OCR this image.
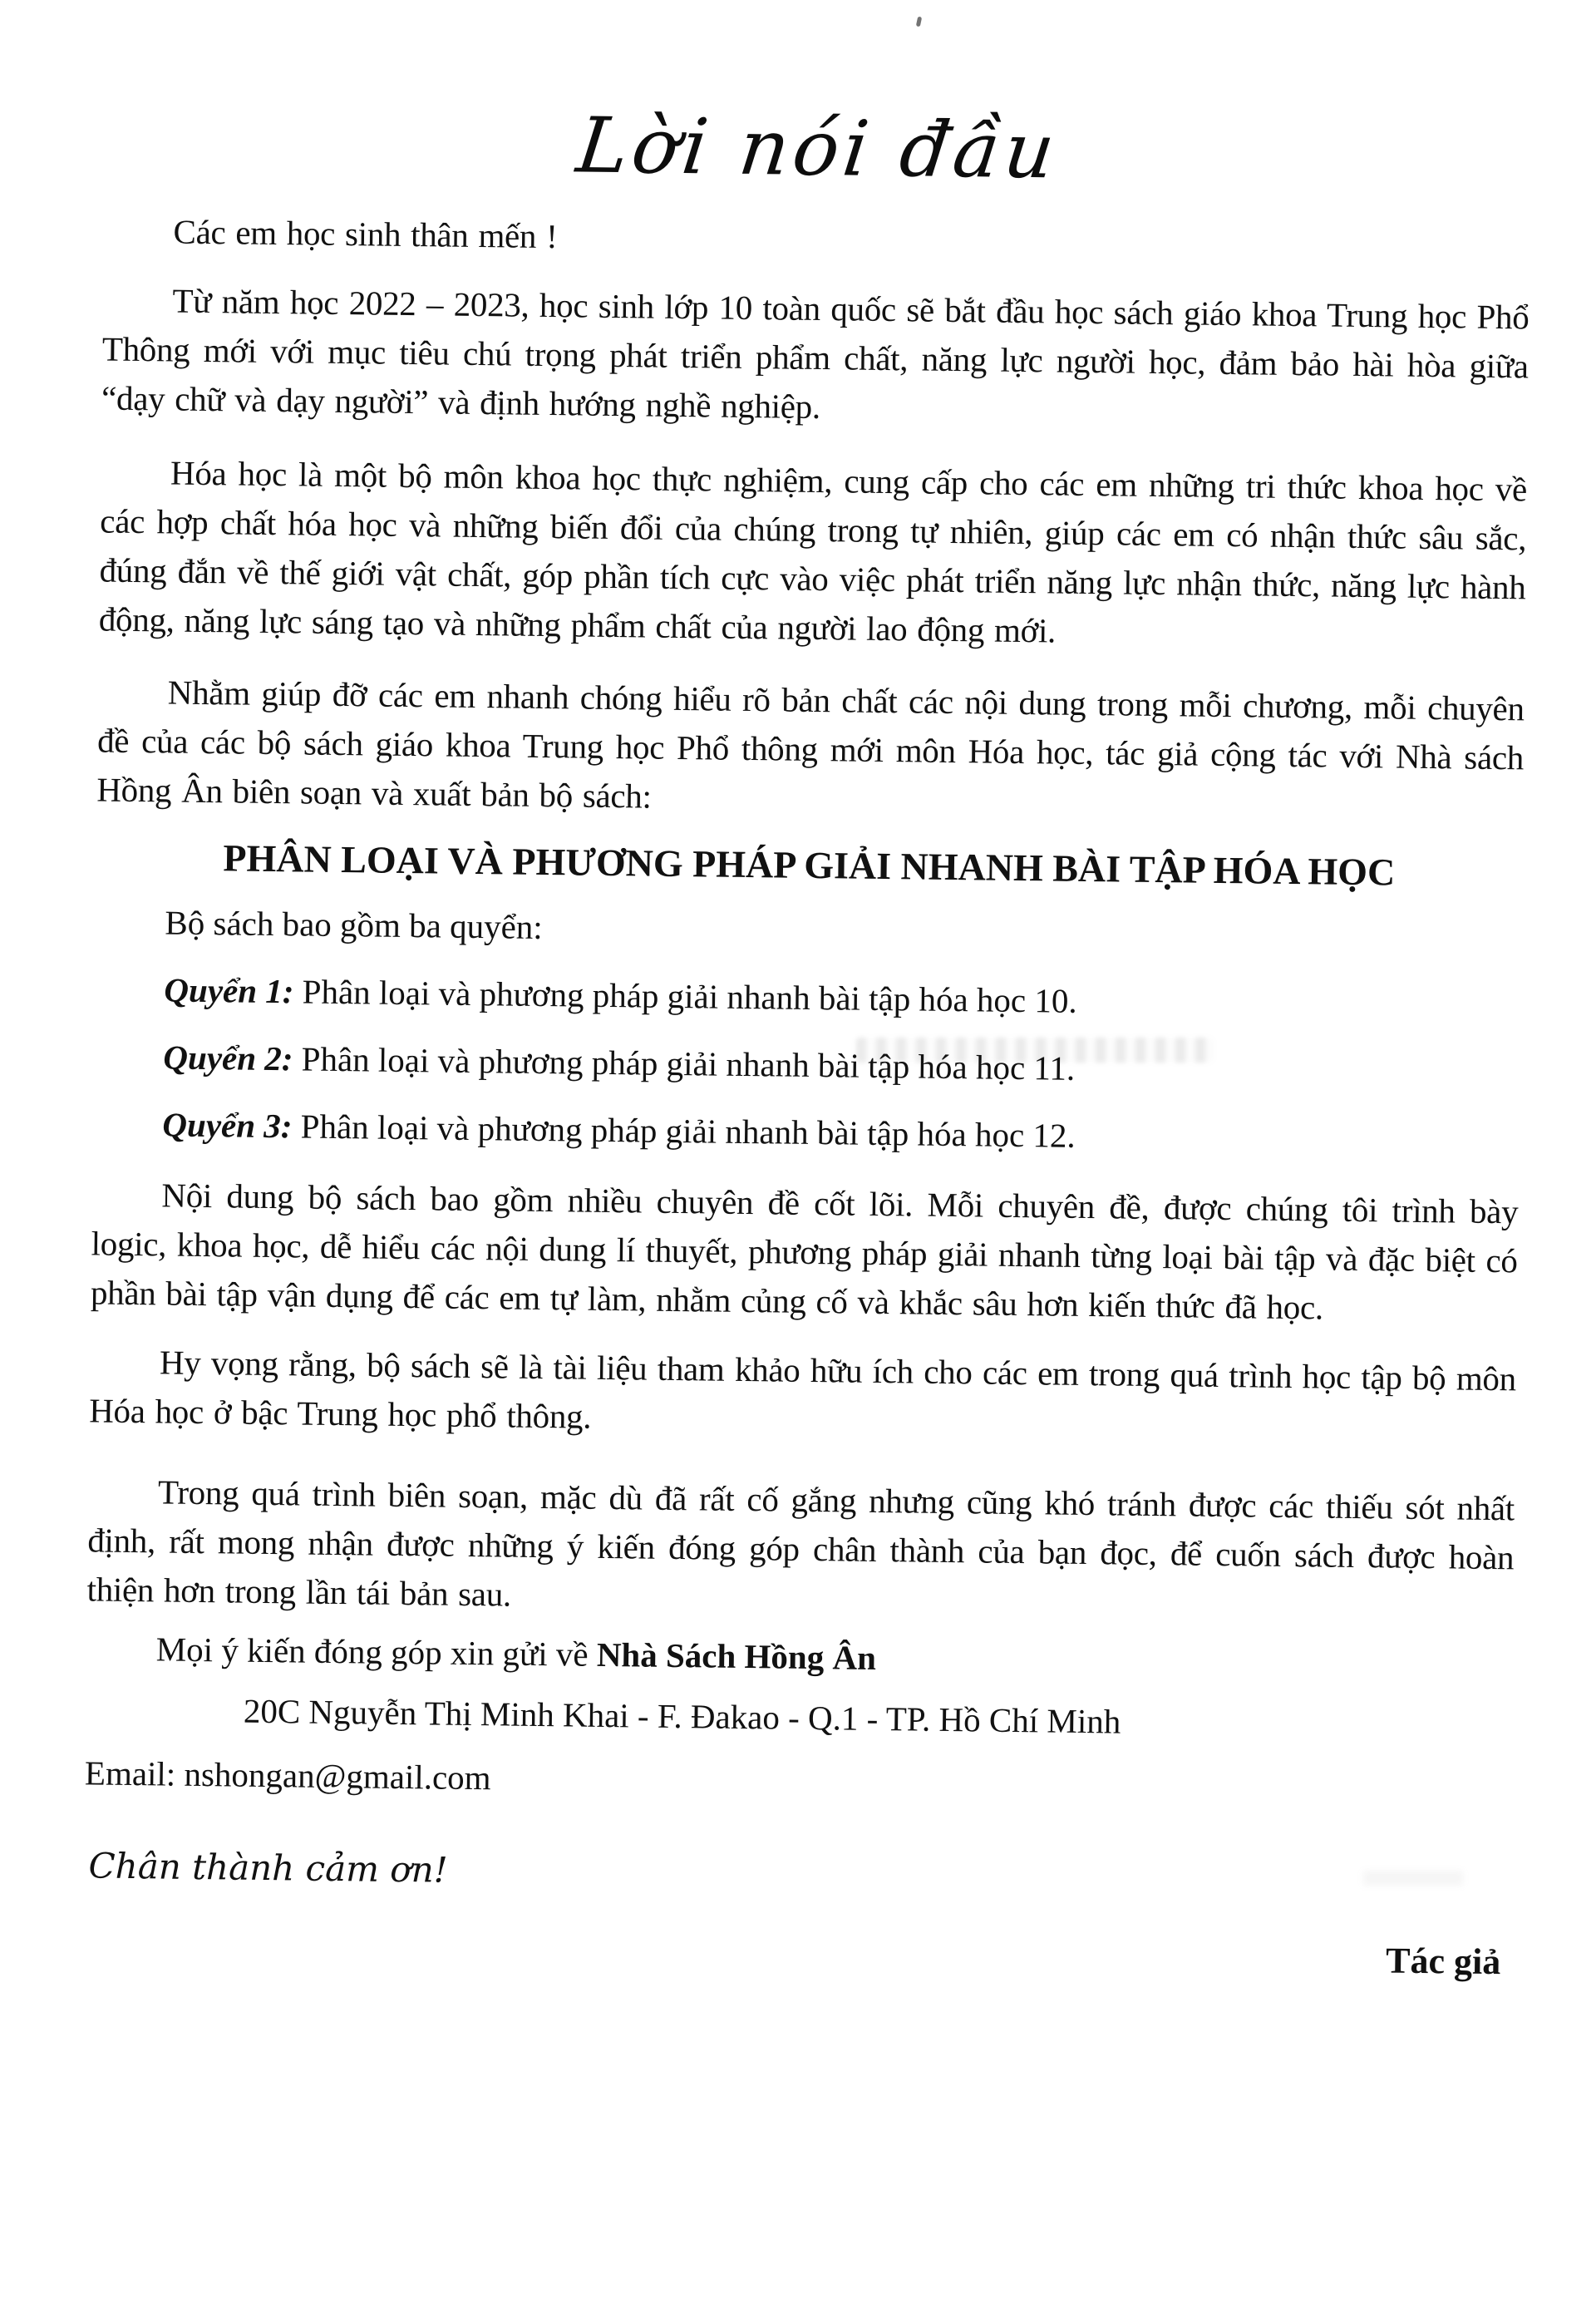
Lời nói đầu

Các em học sinh thân mến !

Từ năm học 2022 – 2023, học sinh lớp 10 toàn quốc sẽ bắt đầu học sách giáo khoa Trung học Phổ Thông mới với mục tiêu chú trọng phát triển phẩm chất, năng lực người học, đảm bảo hài hòa giữa “dạy chữ và dạy người” và định hướng nghề nghiệp.

Hóa học là một bộ môn khoa học thực nghiệm, cung cấp cho các em những tri thức khoa học về các hợp chất hóa học và những biến đổi của chúng trong tự nhiên, giúp các em có nhận thức sâu sắc, đúng đắn về thế giới vật chất, góp phần tích cực vào việc phát triển năng lực nhận thức, năng lực hành động, năng lực sáng tạo và những phẩm chất của người lao động mới.

Nhằm giúp đỡ các em nhanh chóng hiểu rõ bản chất các nội dung trong mỗi chương, mỗi chuyên đề của các bộ sách giáo khoa Trung học Phổ thông mới môn Hóa học, tác giả cộng tác với Nhà sách Hồng Ân biên soạn và xuất bản bộ sách:

PHÂN LOẠI VÀ PHƯƠNG PHÁP GIẢI NHANH BÀI TẬP HÓA HỌC

Bộ sách bao gồm ba quyển:

Quyển 1: Phân loại và phương pháp giải nhanh bài tập hóa học 10.

Quyển 2: Phân loại và phương pháp giải nhanh bài tập hóa học 11.

Quyển 3: Phân loại và phương pháp giải nhanh bài tập hóa học 12.

Nội dung bộ sách bao gồm nhiều chuyên đề cốt lõi. Mỗi chuyên đề, được chúng tôi trình bày logic, khoa học, dễ hiểu các nội dung lí thuyết, phương pháp giải nhanh từng loại bài tập và đặc biệt có phần bài tập vận dụng để các em tự làm, nhằm củng cố và khắc sâu hơn kiến thức đã học.

Hy vọng rằng, bộ sách sẽ là tài liệu tham khảo hữu ích cho các em trong quá trình học tập bộ môn Hóa học ở bậc Trung học phổ thông.

Trong quá trình biên soạn, mặc dù đã rất cố gắng nhưng cũng khó tránh được các thiếu sót nhất định, rất mong nhận được những ý kiến đóng góp chân thành của bạn đọc, để cuốn sách được hoàn thiện hơn trong lần tái bản sau.

Mọi ý kiến đóng góp xin gửi về Nhà Sách Hồng Ân

20C Nguyễn Thị Minh Khai - F. Đakao - Q.1 - TP. Hồ Chí Minh

Email: nshongan@gmail.com

Chân thành cảm ơn!

Tác giả
